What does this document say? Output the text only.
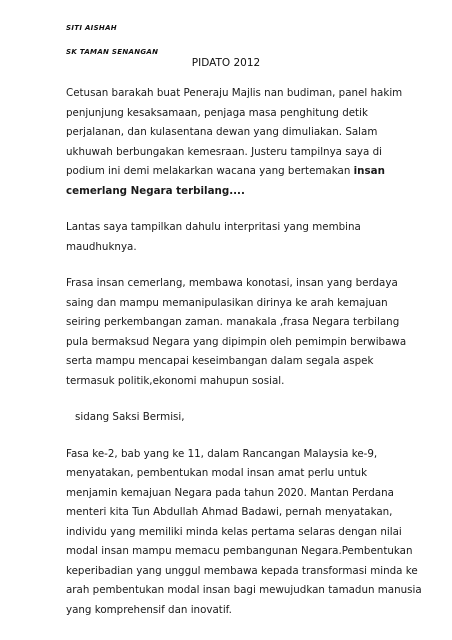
SITI AISHAH
SK TAMAN SENANGAN
PIDATO 2012
Cetusan barakah buat Peneraju Majlis nan budiman, panel hakim
penjunjung kesaksamaan, penjaga masa penghitung detik
perjalanan, dan kulasentana dewan yang dimuliakan. Salam
ukhuwah berbungakan kemesraan. Justeru tampilnya saya di
podium ini demi melakarkan wacana yang bertemakan insan
cemerlang Negara terbilang....
Lantas saya tampilkan dahulu interpritasi yang membina
maudhuknya.
Frasa insan cemerlang, membawa konotasi, insan yang berdaya
saing dan mampu memanipulasikan dirinya ke arah kemajuan
seiring perkembangan zaman. manakala ,frasa Negara terbilang
pula bermaksud Negara yang dipimpin oleh pemimpin berwibawa
serta mampu mencapai keseimbangan dalam segala aspek
termasuk politik,ekonomi mahupun sosial.
sidang Saksi Bermisi,
Fasa ke-2, bab yang ke 11, dalam Rancangan Malaysia ke-9,
menyatakan, pembentukan modal insan amat perlu untuk
menjamin kemajuan Negara pada tahun 2020. Mantan Perdana
menteri kita Tun Abdullah Ahmad Badawi, pernah menyatakan,
individu yang memiliki minda kelas pertama selaras dengan nilai
modal insan mampu memacu pembangunan Negara.Pembentukan
keperibadian yang unggul membawa kepada transformasi minda ke
arah pembentukan modal insan bagi mewujudkan tamadun manusia
yang komprehensif dan inovatif.
